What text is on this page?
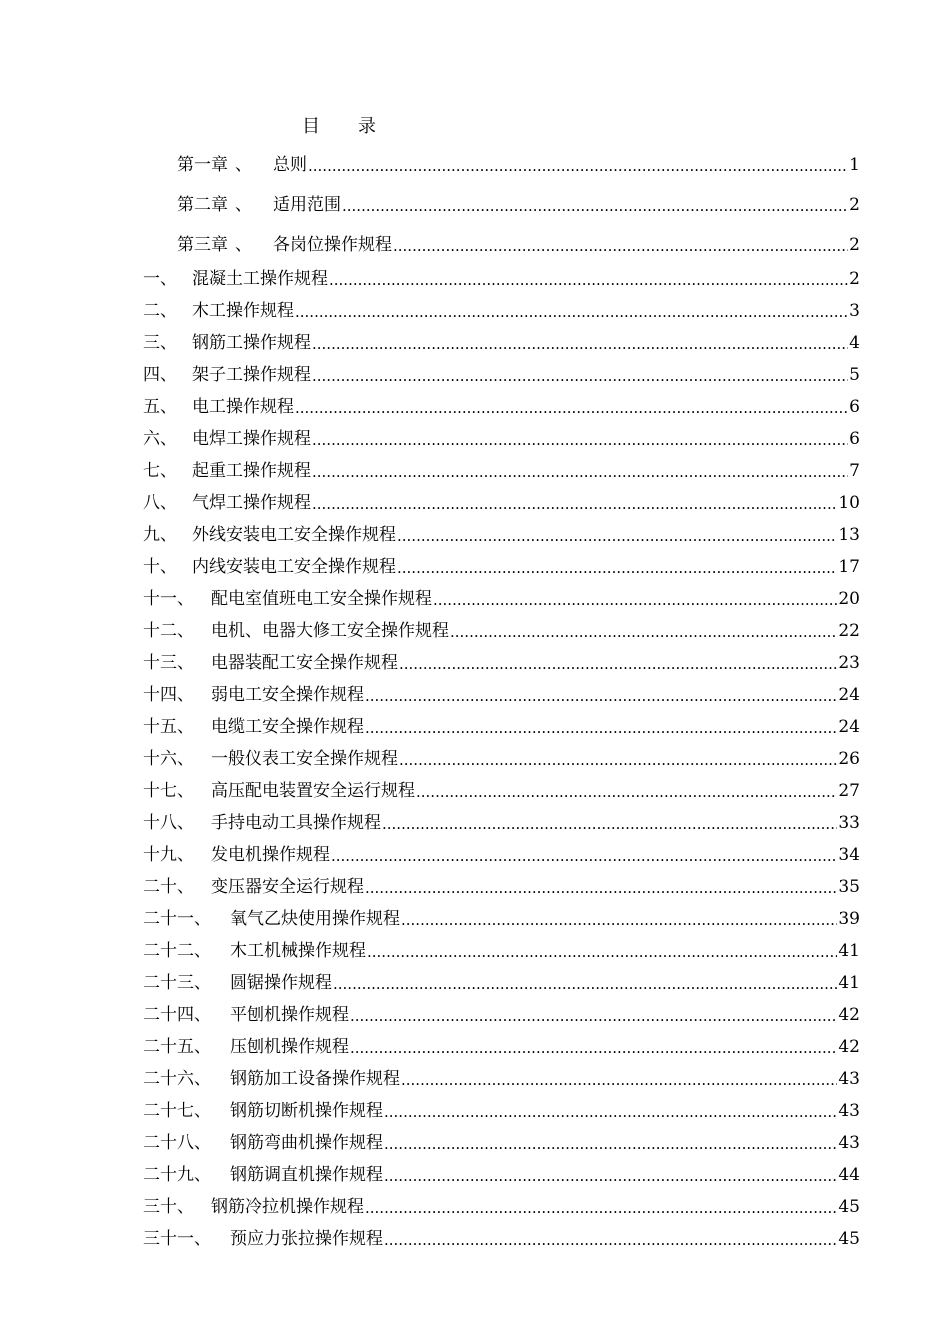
目 录
第一章 、	总则 .....	1
第二章 、	适用范围 .....	2
第三章 、	各岗位操作规程 .....	2
一、 混凝土工操作规程 .....	2
二、 木工操作规程 .....	3
三、 钢筋工操作规程 .....	4
四、 架子工操作规程 .....	5
五、 电工操作规程 .....	6
六、 电焊工操作规程 .....	6
七、 起重工操作规程 .....	7
八、 气焊工操作规程 .....	10
九、 外线安装电工安全操作规程 .....	13
十、 内线安装电工安全操作规程 .....	17
十一、	配电室值班电工安全操作规程 .....	20
十二、	电机、电器大修工安全操作规程 .....	22
十三、	电器装配工安全操作规程 .....	23
十四、	弱电工安全操作规程 .....	24
十五、	电缆工安全操作规程 .....	24
十六、	一般仪表工安全操作规程 .....	26
十七、	高压配电装置安全运行规程 .....	27
十八、	手持电动工具操作规程 .....	33
十九、	发电机操作规程 .....	34
二十、	变压器安全运行规程 .....	35
二十一、	氧气乙炔使用操作规程 .....	39
二十二、	木工机械操作规程 .....	41
二十三、	圆锯操作规程 .....	41
二十四、	平刨机操作规程 .....	42
二十五、	压刨机操作规程 .....	42
二十六、	钢筋加工设备操作规程 .....	43
二十七、	钢筋切断机操作规程 .....	43
二十八、	钢筋弯曲机操作规程 .....	43
二十九、	钢筋调直机操作规程 .....	44
三十、	钢筋冷拉机操作规程 .....	45
三十一、	预应力张拉操作规程 .....	45
